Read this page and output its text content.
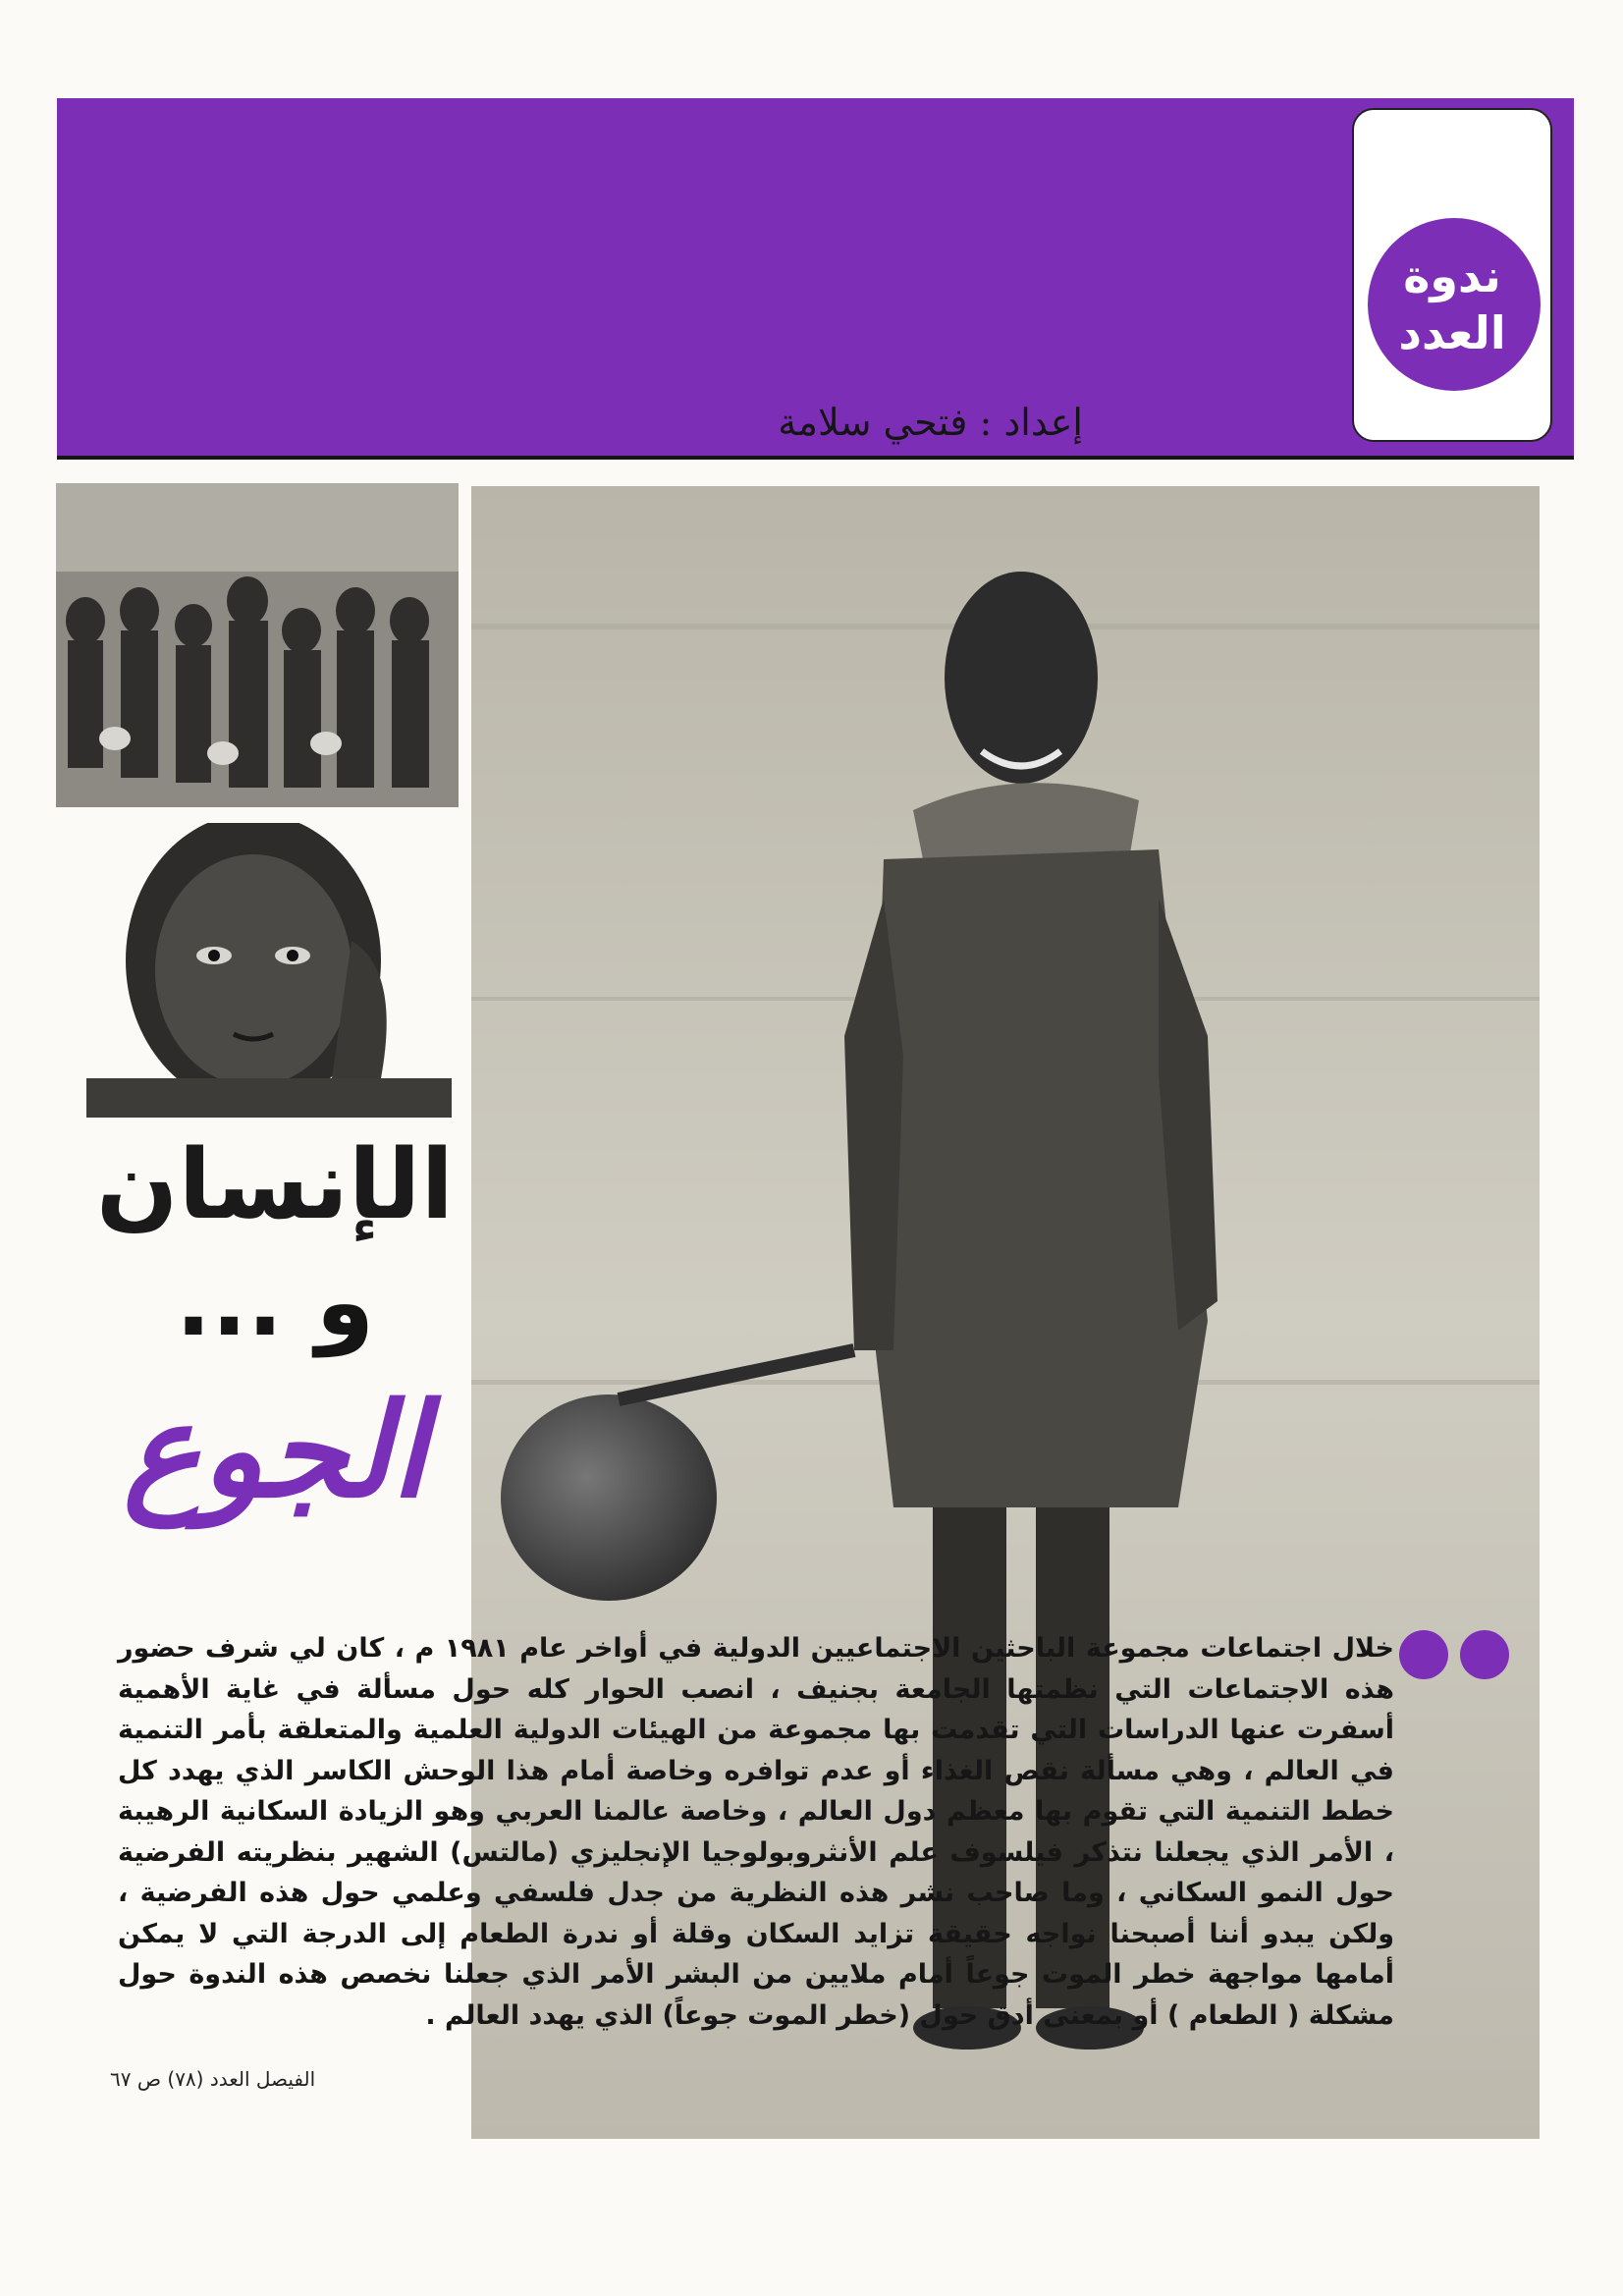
ندوة
العدد
إعداد : فتحي سلامة
الإنسان
و ...
الجوع

خلال اجتماعات مجموعة الباحثين الاجتماعيين الدولية في أواخر عام ١٩٨١ م ، كان لي شرف حضور هذه الاجتماعات التي نظمتها الجامعة بجنيف ، انصب الحوار كله حول مسألة في غاية الأهمية أسفرت عنها الدراسات التي تقدمت بها مجموعة من الهيئات الدولية العلمية والمتعلقة بأمر التنمية في العالم ، وهي مسألة نقص الغذاء أو عدم توافره وخاصة أمام هذا الوحش الكاسر الذي يهدد كل خطط التنمية التي تقوم بها معظم دول العالم ، وخاصة عالمنا العربي وهو الزيادة السكانية الرهيبة ، الأمر الذي يجعلنا نتذكر فيلسوف علم الأنثروبولوجيا الإنجليزي (مالتس) الشهير بنظريته الفرضية حول النمو السكاني ، وما صاحب نشر هذه النظرية من جدل فلسفي وعلمي حول هذه الفرضية ، ولكن يبدو أننا أصبحنا نواجه حقيقة تزايد السكان وقلة أو ندرة الطعام إلى الدرجة التي لا يمكن أمامها مواجهة خطر الموت جوعاً أمام ملايين من البشر الأمر الذي جعلنا نخصص هذه الندوة حول مشكلة ( الطعام ) أو بمعنى أدق حول (خطر الموت جوعاً) الذي يهدد العالم .

الفيصل العدد (٧٨) ص ٦٧
